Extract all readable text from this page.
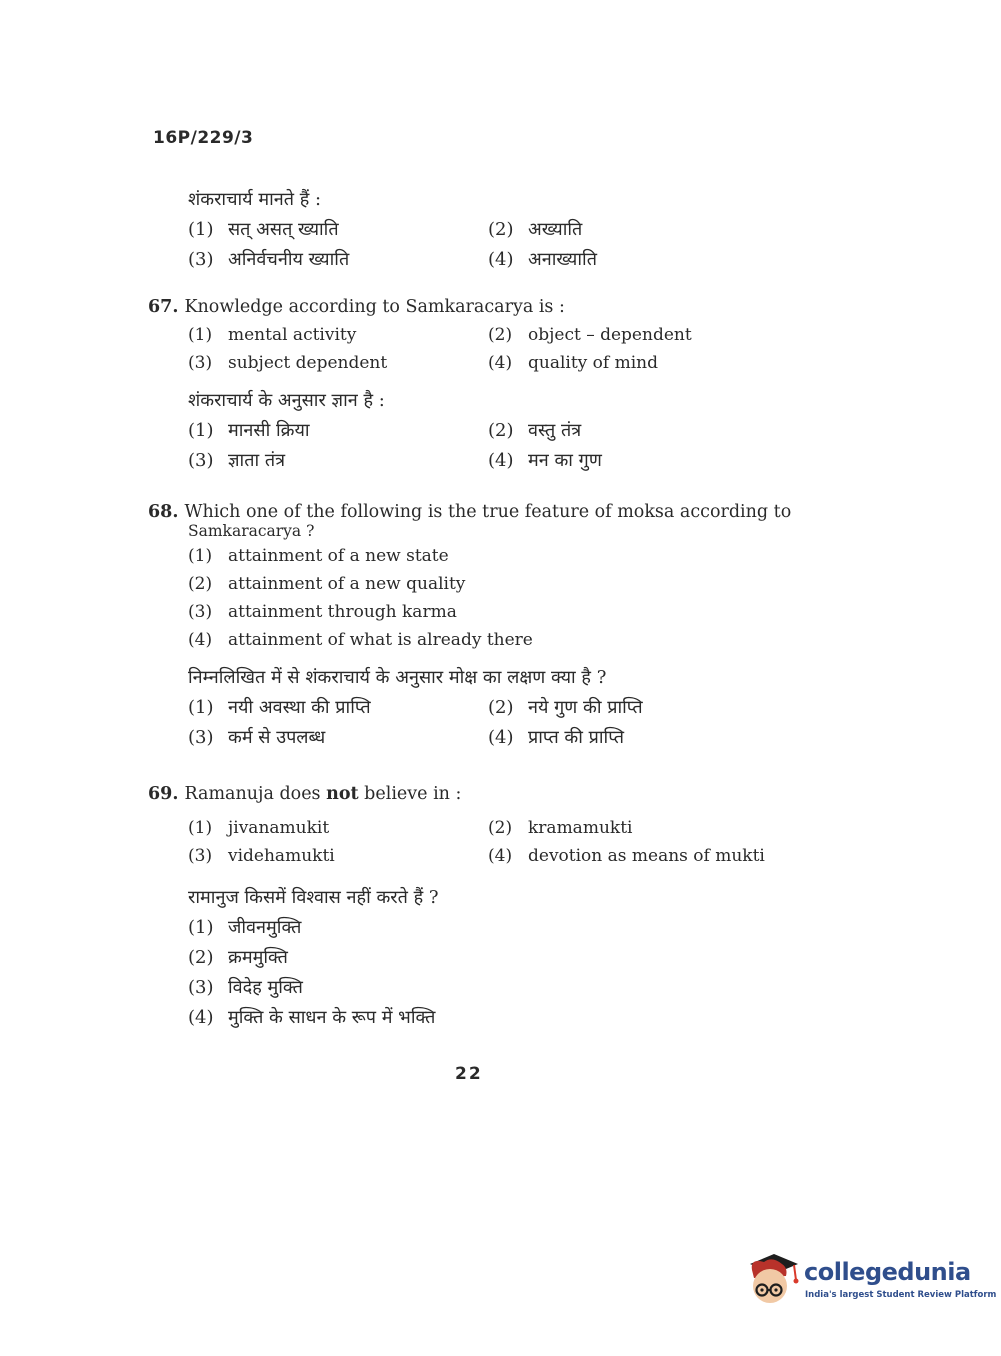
16P/229/3
शंकराचार्य मानते हैं :
(1) सत् असत् ख्याति	(2) अख्याति
(3) अनिर्वचनीय ख्याति	(4) अनाख्याति
67. Knowledge according to Samkaracarya is :
(1) mental activity	(2) object – dependent
(3) subject dependent	(4) quality of mind
शंकराचार्य के अनुसार ज्ञान है :
(1) मानसी क्रिया	(2) वस्तु तंत्र
(3) ज्ञाता तंत्र	(4) मन का गुण
68. Which one of the following is the true feature of moksa according to
Samkaracarya ?
(1) attainment of a new state
(2) attainment of a new quality
(3) attainment through karma
(4) attainment of what is already there
निम्नलिखित में से शंकराचार्य के अनुसार मोक्ष का लक्षण क्या है ?
(1) नयी अवस्था की प्राप्ति	(2) नये गुण की प्राप्ति
(3) कर्म से उपलब्ध	(4) प्राप्त की प्राप्ति
69. Ramanuja does not believe in :
(1) jivanamukit	(2) kramamukti
(3) videhamukti	(4) devotion as means of mukti
रामानुज किसमें विश्वास नहीं करते हैं ?
(1) जीवनमुक्ति
(2) क्रममुक्ति
(3) विदेह मुक्ति
(4) मुक्ति के साधन के रूप में भक्ति
22
collegedunia
India's largest Student Review Platform
